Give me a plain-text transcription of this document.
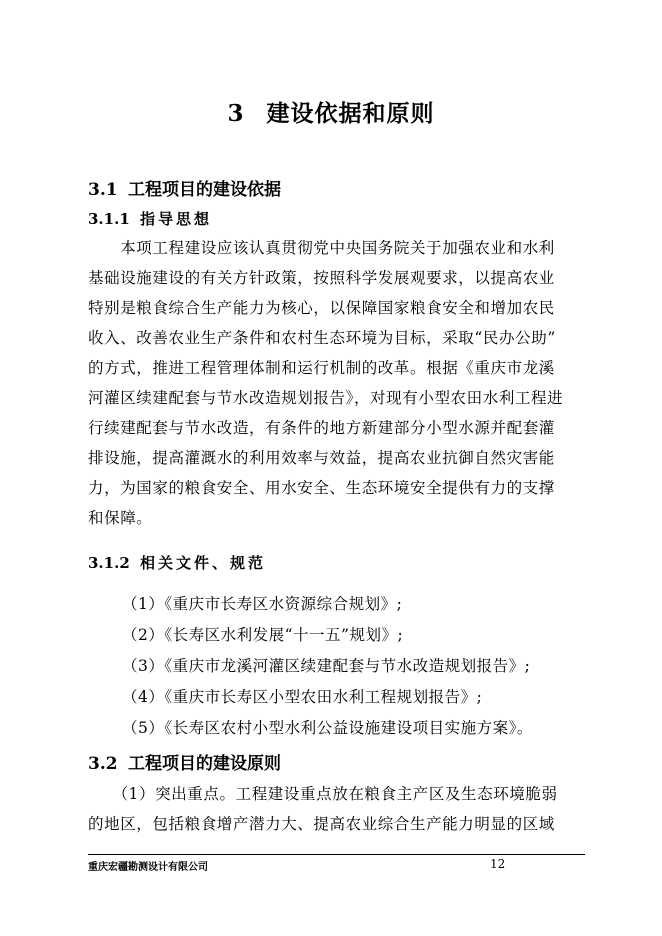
3 建设依据和原则
3.1 工程项目的建设依据
3.1.1 指导思想
　　本项工程建设应该认真贯彻党中央国务院关于加强农业和水利
基础设施建设的有关方针政策，按照科学发展观要求，以提高农业
特别是粮食综合生产能力为核心，以保障国家粮食安全和增加农民
收入、改善农业生产条件和农村生态环境为目标，采取“民办公助”
的方式，推进工程管理体制和运行机制的改革。根据《重庆市龙溪
河灌区续建配套与节水改造规划报告》，对现有小型农田水利工程进
行续建配套与节水改造，有条件的地方新建部分小型水源并配套灌
排设施，提高灌溉水的利用效率与效益，提高农业抗御自然灾害能
力，为国家的粮食安全、用水安全、生态环境安全提供有力的支撑
和保障。
3.1.2 相关文件、规范
（1）《重庆市长寿区水资源综合规划》;
（2）《长寿区水利发展“十一五”规划》;
（3）《重庆市龙溪河灌区续建配套与节水改造规划报告》;
（4）《重庆市长寿区小型农田水利工程规划报告》;
（5）《长寿区农村小型水利公益设施建设项目实施方案》。
3.2 工程项目的建设原则
　　（1）突出重点。工程建设重点放在粮食主产区及生态环境脆弱
的地区，包括粮食增产潜力大、提高农业综合生产能力明显的区域
重庆宏疆勘测设计有限公司	12
